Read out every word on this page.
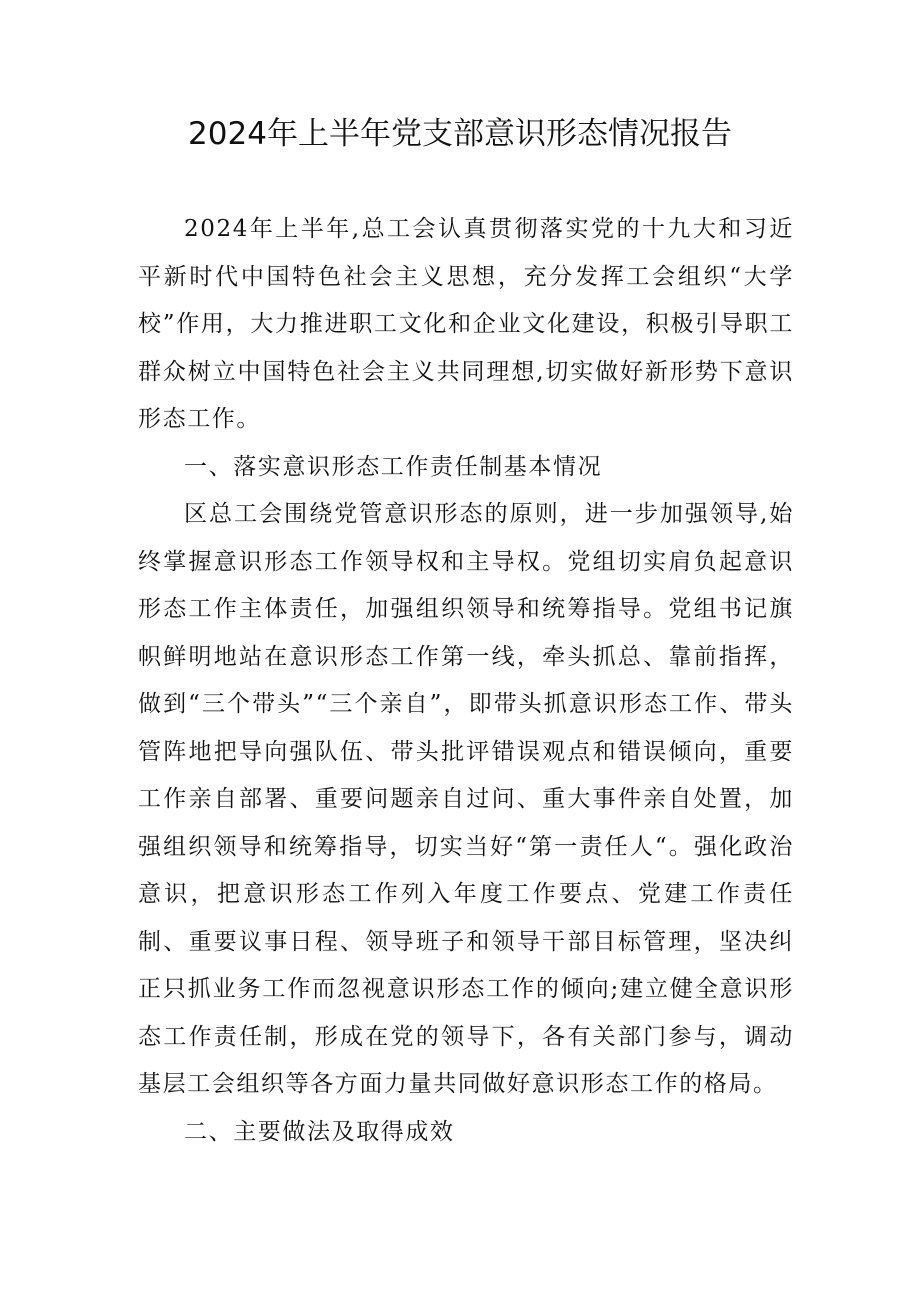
2024年上半年党支部意识形态情况报告

2024年上半年,总工会认真贯彻落实党的十九大和习近平新时代中国特色社会主义思想，充分发挥工会组织“大学校”作用，大力推进职工文化和企业文化建设，积极引导职工群众树立中国特色社会主义共同理想,切实做好新形势下意识形态工作。

一、落实意识形态工作责任制基本情况

区总工会围绕党管意识形态的原则，进一步加强领导,始终掌握意识形态工作领导权和主导权。党组切实肩负起意识形态工作主体责任，加强组织领导和统筹指导。党组书记旗帜鲜明地站在意识形态工作第一线，牵头抓总、靠前指挥，做到“三个带头”“三个亲自”，即带头抓意识形态工作、带头管阵地把导向强队伍、带头批评错误观点和错误倾向，重要工作亲自部署、重要问题亲自过问、重大事件亲自处置，加强组织领导和统筹指导，切实当好“第一责任人“。强化政治意识，把意识形态工作列入年度工作要点、党建工作责任制、重要议事日程、领导班子和领导干部目标管理，坚决纠正只抓业务工作而忽视意识形态工作的倾向;建立健全意识形态工作责任制，形成在党的领导下，各有关部门参与，调动基层工会组织等各方面力量共同做好意识形态工作的格局。

二、主要做法及取得成效
